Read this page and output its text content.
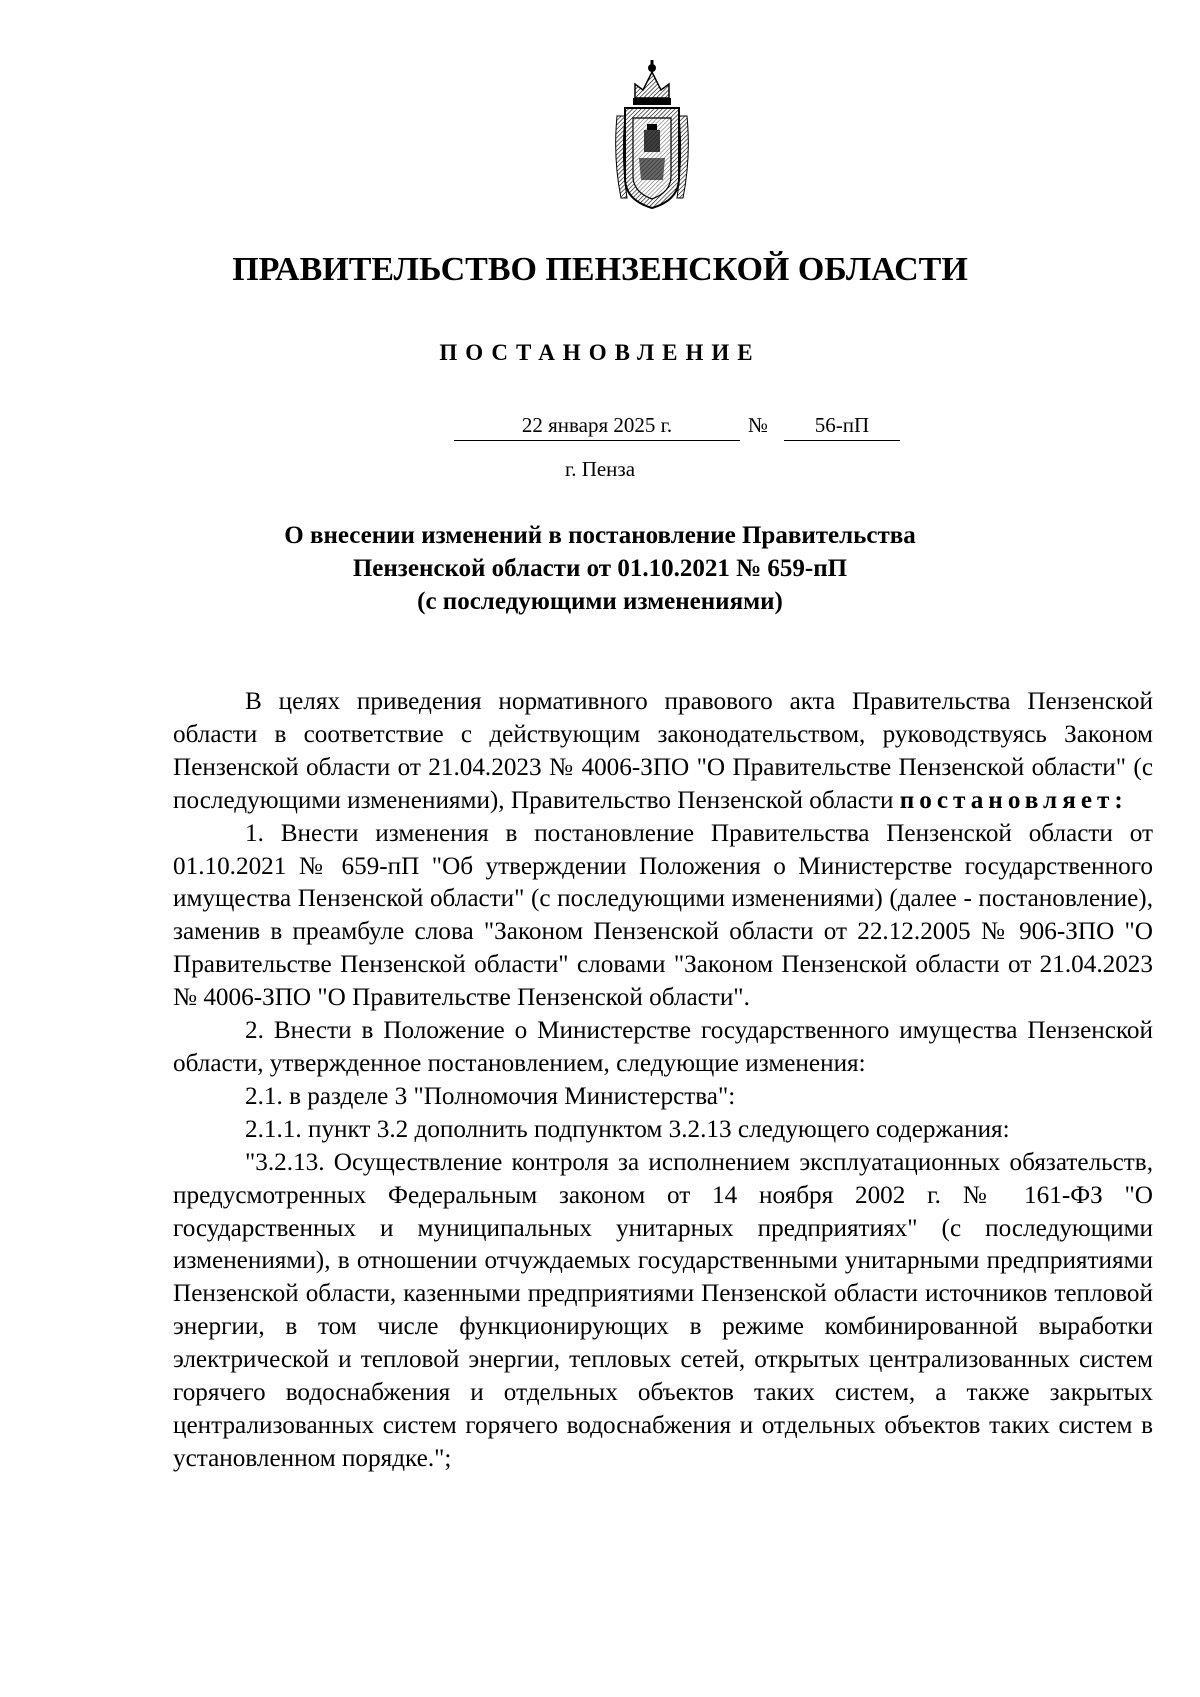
ПРАВИТЕЛЬСТВО ПЕНЗЕНСКОЙ ОБЛАСТИ
ПОСТАНОВЛЕНИЕ
22 января 2025 г.	№	56-пП
г. Пенза
О внесении изменений в постановление Правительства
Пензенской области от 01.10.2021 № 659-пП
(с последующими изменениями)

В целях приведения нормативного правового акта Правительства Пензенской области в соответствие с действующим законодательством, руководствуясь Законом Пензенской области от 21.04.2023 № 4006-ЗПО "О Правительстве Пензенской области" (с последующими изменениями), Правительство Пензенской области постановляет:

1. Внести изменения в постановление Правительства Пензенской области от 01.10.2021 № 659-пП "Об утверждении Положения о Министерстве государственного имущества Пензенской области" (с последующими изменениями) (далее - постановление), заменив в преамбуле слова "Законом Пензенской области от 22.12.2005 № 906-ЗПО "О Правительстве Пензенской области" словами "Законом Пензенской области от 21.04.2023 № 4006-ЗПО "О Правительстве Пензенской области".

2. Внести в Положение о Министерстве государственного имущества Пензенской области, утвержденное постановлением, следующие изменения:

2.1. в разделе 3 "Полномочия Министерства":

2.1.1. пункт 3.2 дополнить подпунктом 3.2.13 следующего содержания:

"3.2.13. Осуществление контроля за исполнением эксплуатационных обязательств, предусмотренных Федеральным законом от 14 ноября 2002 г. № 161-ФЗ "О государственных и муниципальных унитарных предприятиях" (с последующими изменениями), в отношении отчуждаемых государственными унитарными предприятиями Пензенской области, казенными предприятиями Пензенской области источников тепловой энергии, в том числе функционирующих в режиме комбинированной выработки электрической и тепловой энергии, тепловых сетей, открытых централизованных систем горячего водоснабжения и отдельных объектов таких систем, а также закрытых централизованных систем горячего водоснабжения и отдельных объектов таких систем в установленном порядке.";
